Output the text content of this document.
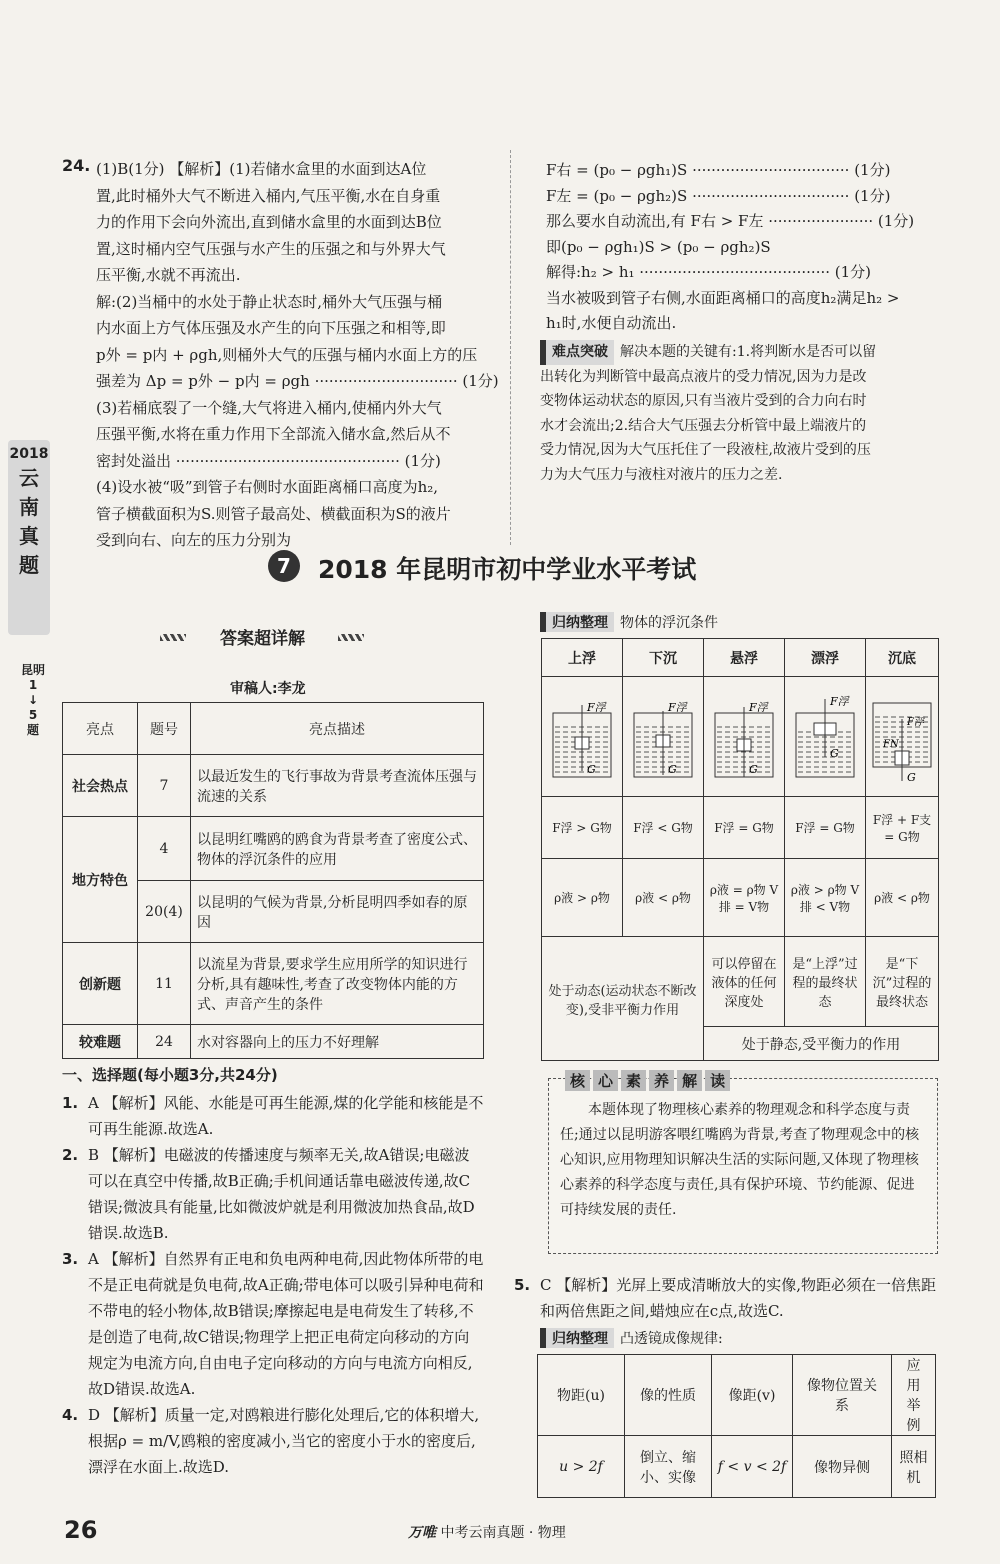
2018
云
南
真
题
昆明
1
↓
5
题
24. (1)B(1分) 【解析】(1)若储水盒里的水面到达A位
置,此时桶外大气不断进入桶内,气压平衡,水在自身重
力的作用下会向外流出,直到储水盒里的水面到达B位
置,这时桶内空气压强与水产生的压强之和与外界大气
压平衡,水就不再流出.
解:(2)当桶中的水处于静止状态时,桶外大气压强与桶
内水面上方气体压强及水产生的向下压强之和相等,即
p外 = p内 + ρgh,则桶外大气的压强与桶内水面上方的压
强差为 Δp = p外 − p内 = ρgh ······························ (1分)
(3)若桶底裂了一个缝,大气将进入桶内,使桶内外大气
压强平衡,水将在重力作用下全部流入储水盒,然后从不
密封处溢出 ··············································· (1分)
(4)设水被“吸”到管子右侧时水面距离桶口高度为h₂,
管子横截面积为S.则管子最高处、横截面积为S的液片
受到向右、向左的压力分别为
F右 = (p₀ − ρgh₁)S ································· (1分)
F左 = (p₀ − ρgh₂)S ································· (1分)
那么要水自动流出,有 F右 > F左 ······················ (1分)
即(p₀ − ρgh₁)S > (p₀ − ρgh₂)S
解得:h₂ > h₁ ········································ (1分)
当水被吸到管子右侧,水面距离桶口的高度h₂满足h₂ >
h₁时,水便自动流出.
难点突破 解决本题的关键有:1.将判断水是否可以留
出转化为判断管中最高点液片的受力情况,因为力是改
变物体运动状态的原因,只有当液片受到的合力向右时
水才会流出;2.结合大气压强去分析管中最上端液片的
受力情况,因为大气压托住了一段液柱,故液片受到的压
力为大气压力与液柱对液片的压力之差.
7	2018 年昆明市初中学业水平考试
答案超详解
审稿人:李龙
亮点	题号	亮点描述
社会热点	7	以最近发生的飞行事故为背景考查流体压强与流速的关系
地方特色	4	以昆明红嘴鸥的鸥食为背景考查了密度公式、物体的浮沉条件的应用
	20(4)	以昆明的气候为背景,分析昆明四季如春的原因
创新题	11	以流星为背景,要求学生应用所学的知识进行分析,具有趣味性,考查了改变物体内能的方式、声音产生的条件
较难题	24	水对容器向上的压力不好理解
一、选择题(每小题3分,共24分)
1. A 【解析】风能、水能是可再生能源,煤的化学能和核能是不可再生能源.故选A.
2. B 【解析】电磁波的传播速度与频率无关,故A错误;电磁波可以在真空中传播,故B正确;手机间通话靠电磁波传递,故C错误;微波具有能量,比如微波炉就是利用微波加热食品,故D错误.故选B.
3. A 【解析】自然界有正电和负电两种电荷,因此物体所带的电不是正电荷就是负电荷,故A正确;带电体可以吸引异种电荷和不带电的轻小物体,故B错误;摩擦起电是电荷发生了转移,不是创造了电荷,故C错误;物理学上把正电荷定向移动的方向规定为电流方向,自由电子定向移动的方向与电流方向相反,故D错误.故选A.
4. D 【解析】质量一定,对鸥粮进行膨化处理后,它的体积增大,根据ρ = m/V,鸥粮的密度减小,当它的密度小于水的密度后,漂浮在水面上.故选D.
归纳整理 物体的浮沉条件
上浮	下沉	悬浮	漂浮	沉底

F浮
G	F浮
G	F浮
G	F浮
G	F浮
FN
G

F浮 > G物	F浮 < G物	F浮 = G物	F浮 = G物	F浮 + F支 = G物
ρ液 > ρ物	ρ液 < ρ物	ρ液 = ρ物 V排 = V物	ρ液 > ρ物 V排 < V物	ρ液 < ρ物
处于动态(运动状态不断改变),受非平衡力作用		可以停留在液体的任何深度处	是“上浮”过程的最终状态	是“下沉”过程的最终状态
		处于静态,受平衡力的作用		
核 心 素 养 解 读
本题体现了物理核心素养的物理观念和科学态度与责任;通过以昆明游客喂红嘴鸥为背景,考查了物理观念中的核心知识,应用物理知识解决生活的实际问题,又体现了物理核心素养的科学态度与责任,具有保护环境、节约能源、促进可持续发展的责任.
5. C 【解析】光屏上要成清晰放大的实像,物距必须在一倍焦距和两倍焦距之间,蜡烛应在c点,故选C.
归纳整理 凸透镜成像规律:
物距(u)	像的性质	像距(v)	像物位置关系	应用举例
u > 2f	倒立、缩小、实像	f < v < 2f	像物异侧	照相机
26	万唯 中考云南真题 · 物理
